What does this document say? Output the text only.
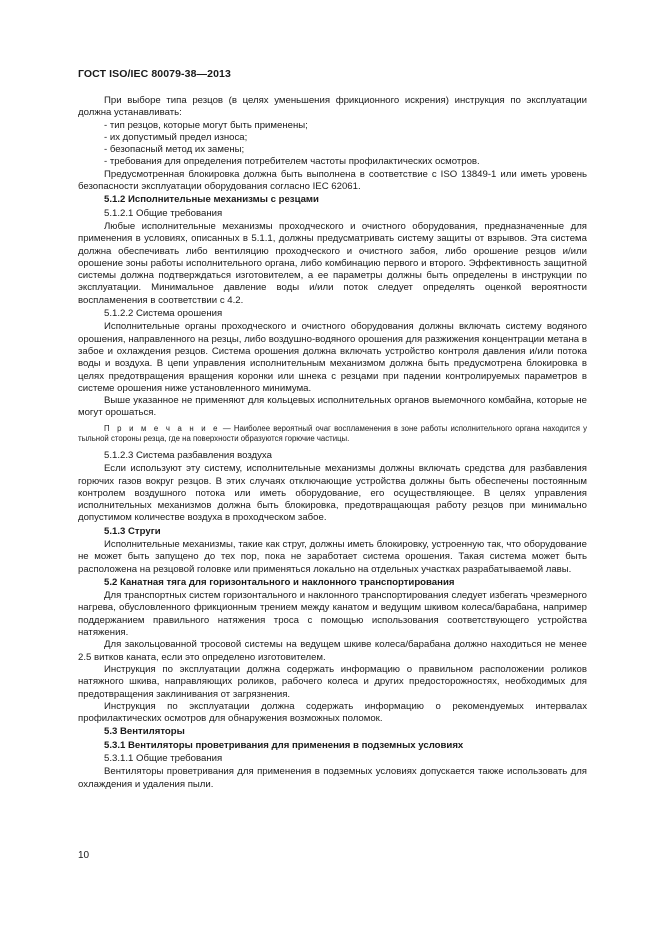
ГОСТ ISO/IEC 80079-38—2013

При выборе типа резцов (в целях уменьшения фрикционного искрения) инструкция по эксплуатации должна устанавливать:

- тип резцов, которые могут быть применены;

- их допустимый предел износа;

- безопасный метод их замены;

- требования для определения потребителем частоты профилактических осмотров.

Предусмотренная блокировка должна быть выполнена в соответствие с ISO 13849-1 или иметь уровень безопасности эксплуатации оборудования согласно IEC 62061.

5.1.2 Исполнительные механизмы с резцами

5.1.2.1 Общие требования

Любые исполнительные механизмы проходческого и очистного оборудования, предназначенные для применения в условиях, описанных в 5.1.1, должны предусматривать систему защиты от взрывов. Эта система должна обеспечивать либо вентиляцию проходческого и очистного забоя, либо орошение резцов и/или орошение зоны работы исполнительного органа, либо комбинацию первого и второго. Эффективность защитной системы должна подтверждаться изготовителем, а ее параметры должны быть определены в инструкции по эксплуатации. Минимальное давление воды и/или поток следует определять оценкой вероятности воспламенения в соответствии с 4.2.

5.1.2.2 Система орошения

Исполнительные органы проходческого и очистного оборудования должны включать систему водяного орошения, направленного на резцы, либо воздушно-водяного орошения для разжижения концентрации метана в забое и охлаждения резцов. Система орошения должна включать устройство контроля давления и/или потока воды и воздуха. В цепи управления исполнительным механизмом должна быть предусмотрена блокировка в целях предотвращения вращения коронки или шнека с резцами при падении контролируемых параметров в системе орошения ниже установленного минимума.

Выше указанное не применяют для кольцевых исполнительных органов выемочного комбайна, которые не могут орошаться.

П р и м е ч а н и е — Наиболее вероятный очаг воспламенения в зоне работы исполнительного органа находится у тыльной стороны резца, где на поверхности образуются горючие частицы.

5.1.2.3 Система разбавления воздуха

Если используют эту систему, исполнительные механизмы должны включать средства для разбавления горючих газов вокруг резцов. В этих случаях отключающие устройства должны быть обеспечены постоянным контролем воздушного потока или иметь оборудование, его осуществляющее. В целях управления исполнительных механизмов должна быть блокировка, предотвращающая работу резцов при минимально допустимом количестве воздуха в проходческом забое.

5.1.3 Струги

Исполнительные механизмы, такие как струг, должны иметь блокировку, устроенную так, что оборудование не может быть запущено до тех пор, пока не заработает система орошения. Такая система может быть расположена на резцовой головке или применяться локально на отдельных участках разрабатываемой лавы.

5.2 Канатная тяга для горизонтального и наклонного транспортирования

Для транспортных систем горизонтального и наклонного транспортирования следует избегать чрезмерного нагрева, обусловленного фрикционным трением между канатом и ведущим шкивом колеса/барабана, например поддержанием правильного натяжения троса с помощью использования соответствующего устройства натяжения.

Для закольцованной тросовой системы на ведущем шкиве колеса/барабана должно находиться не менее 2.5 витков каната, если это определено изготовителем.

Инструкция по эксплуатации должна содержать информацию о правильном расположении роликов натяжного шкива, направляющих роликов, рабочего колеса и других предосторожностях, необходимых для предотвращения заклинивания от загрязнения.

Инструкция по эксплуатации должна содержать информацию о рекомендуемых интервалах профилактических осмотров для обнаружения возможных поломок.

5.3 Вентиляторы

5.3.1 Вентиляторы проветривания для применения в подземных условиях

5.3.1.1 Общие требования

Вентиляторы проветривания для применения в подземных условиях допускается также использовать для охлаждения и удаления пыли.

10
